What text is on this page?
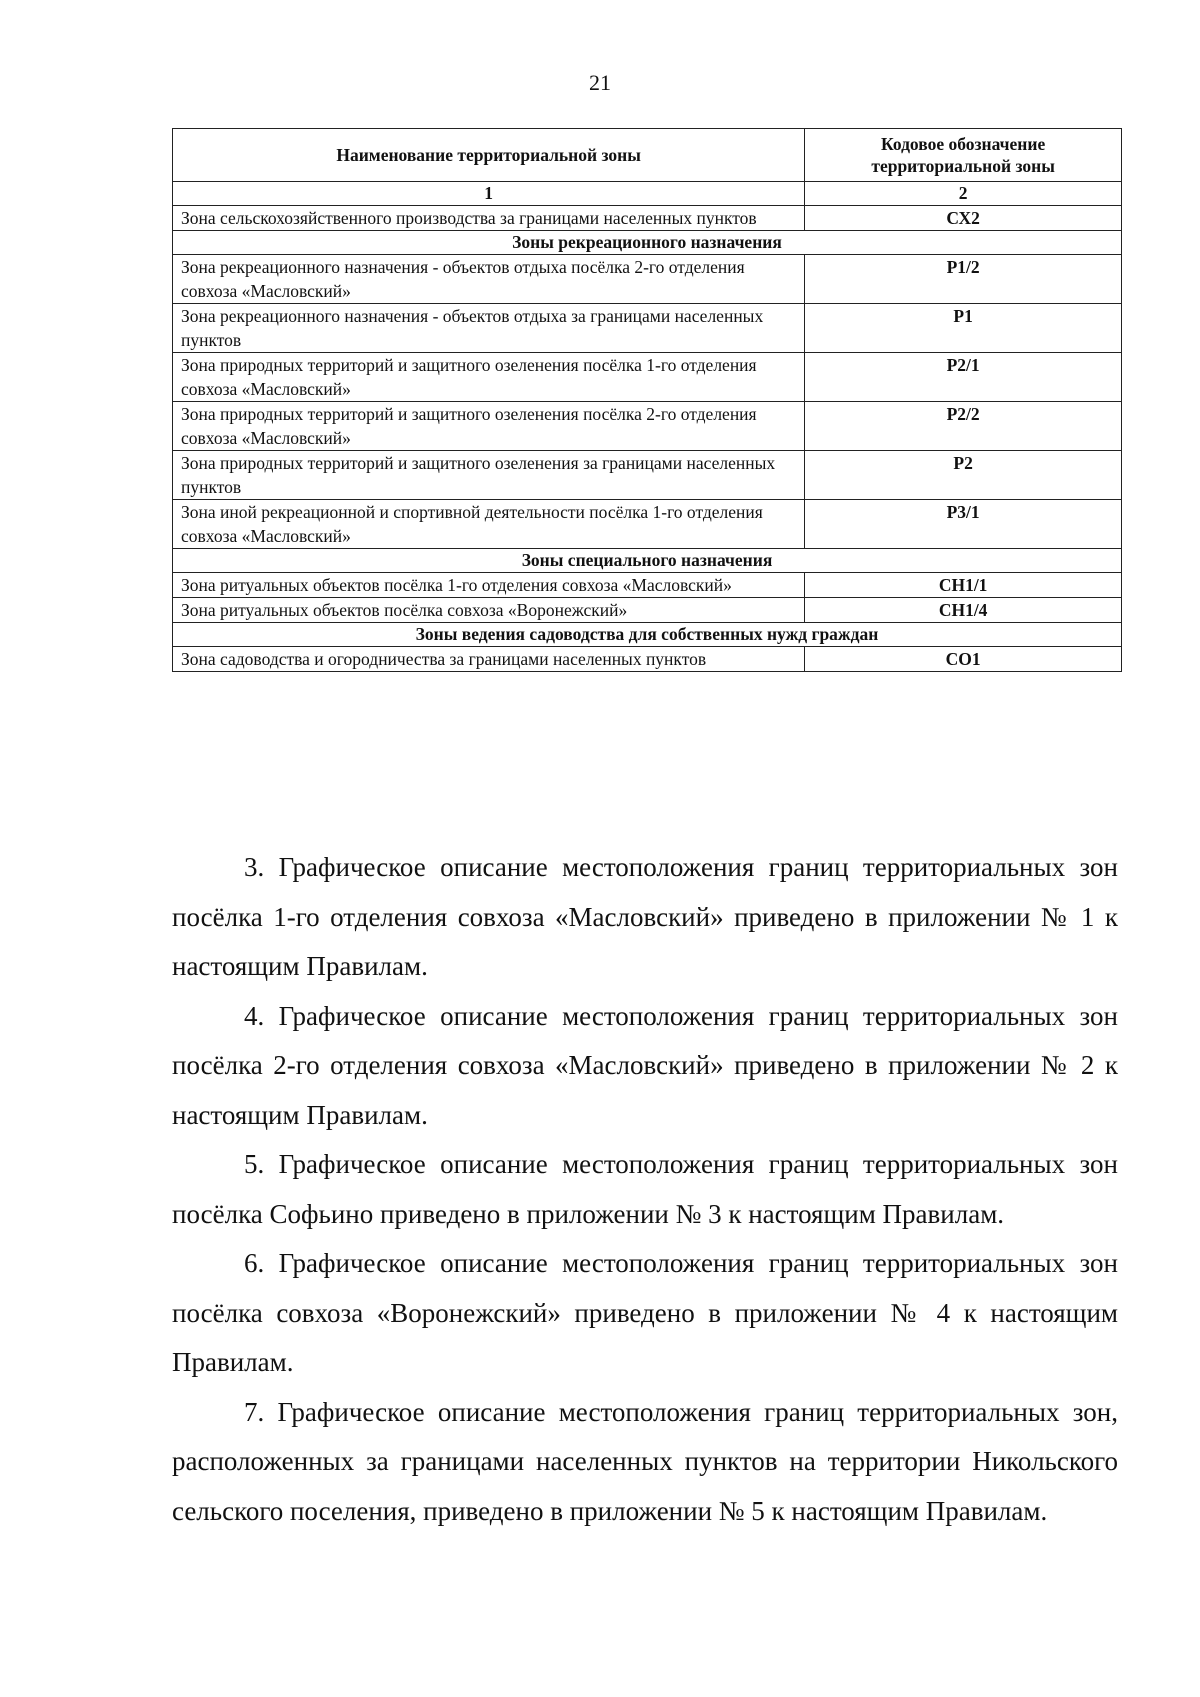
21
Наименование территориальной зоны	Кодовое обозначение территориальной зоны
1	2
Зона сельскохозяйственного производства за границами населенных пунктов	СХ2
Зоны рекреационного назначения	
Зона рекреационного назначения - объектов отдыха посёлка 2-го отделения совхоза «Масловский»	Р1/2
Зона рекреационного назначения - объектов отдыха за границами населенных пунктов	Р1
Зона природных территорий и защитного озеленения посёлка 1-го отделения совхоза «Масловский»	Р2/1
Зона природных территорий и защитного озеленения посёлка 2-го отделения совхоза «Масловский»	Р2/2
Зона природных территорий и защитного озеленения за границами населенных пунктов	Р2
Зона иной рекреационной и спортивной деятельности посёлка 1-го отделения совхоза «Масловский»	Р3/1
Зоны специального назначения	
Зона ритуальных объектов посёлка 1-го отделения совхоза «Масловский»	СН1/1
Зона ритуальных объектов посёлка совхоза «Воронежский»	СН1/4
Зоны ведения садоводства для собственных нужд граждан	
Зона садоводства и огородничества за границами населенных пунктов	СО1

3. Графическое описание местоположения границ территориальных зон посёлка 1-го отделения совхоза «Масловский» приведено в приложении № 1 к настоящим Правилам.

4. Графическое описание местоположения границ территориальных зон посёлка 2-го отделения совхоза «Масловский» приведено в приложении № 2 к настоящим Правилам.

5. Графическое описание местоположения границ территориальных зон посёлка Софьино приведено в приложении № 3 к настоящим Правилам.

6. Графическое описание местоположения границ территориальных зон посёлка совхоза «Воронежский» приведено в приложении № 4 к настоящим Правилам.

7. Графическое описание местоположения границ территориальных зон, расположенных за границами населенных пунктов на территории Никольского сельского поселения, приведено в приложении № 5 к настоящим Правилам.
